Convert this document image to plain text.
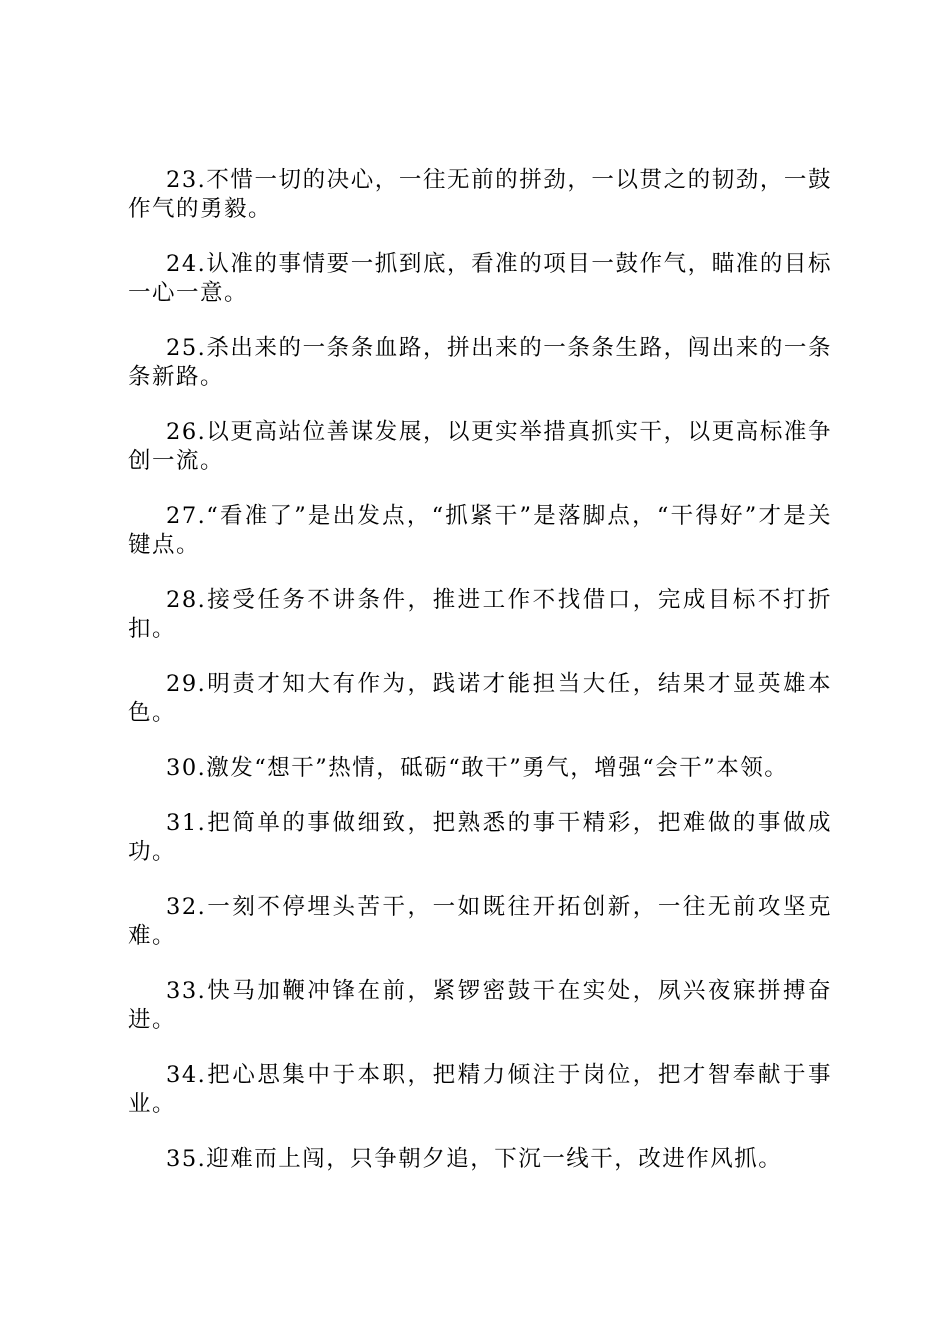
23.不惜一切的决心，一往无前的拼劲，一以贯之的韧劲，一鼓作气的勇毅。

24.认准的事情要一抓到底，看准的项目一鼓作气，瞄准的目标一心一意。

25.杀出来的一条条血路，拼出来的一条条生路，闯出来的一条条新路。

26.以更高站位善谋发展，以更实举措真抓实干，以更高标准争创一流。

27.“看准了”是出发点，“抓紧干”是落脚点，“干得好”才是关键点。

28.接受任务不讲条件，推进工作不找借口，完成目标不打折扣。

29.明责才知大有作为，践诺才能担当大任，结果才显英雄本色。

30.激发“想干”热情，砥砺“敢干”勇气，增强“会干”本领。

31.把简单的事做细致，把熟悉的事干精彩，把难做的事做成功。

32.一刻不停埋头苦干，一如既往开拓创新，一往无前攻坚克难。

33.快马加鞭冲锋在前，紧锣密鼓干在实处，夙兴夜寐拼搏奋进。

34.把心思集中于本职，把精力倾注于岗位，把才智奉献于事业。

35.迎难而上闯，只争朝夕追，下沉一线干，改进作风抓。
